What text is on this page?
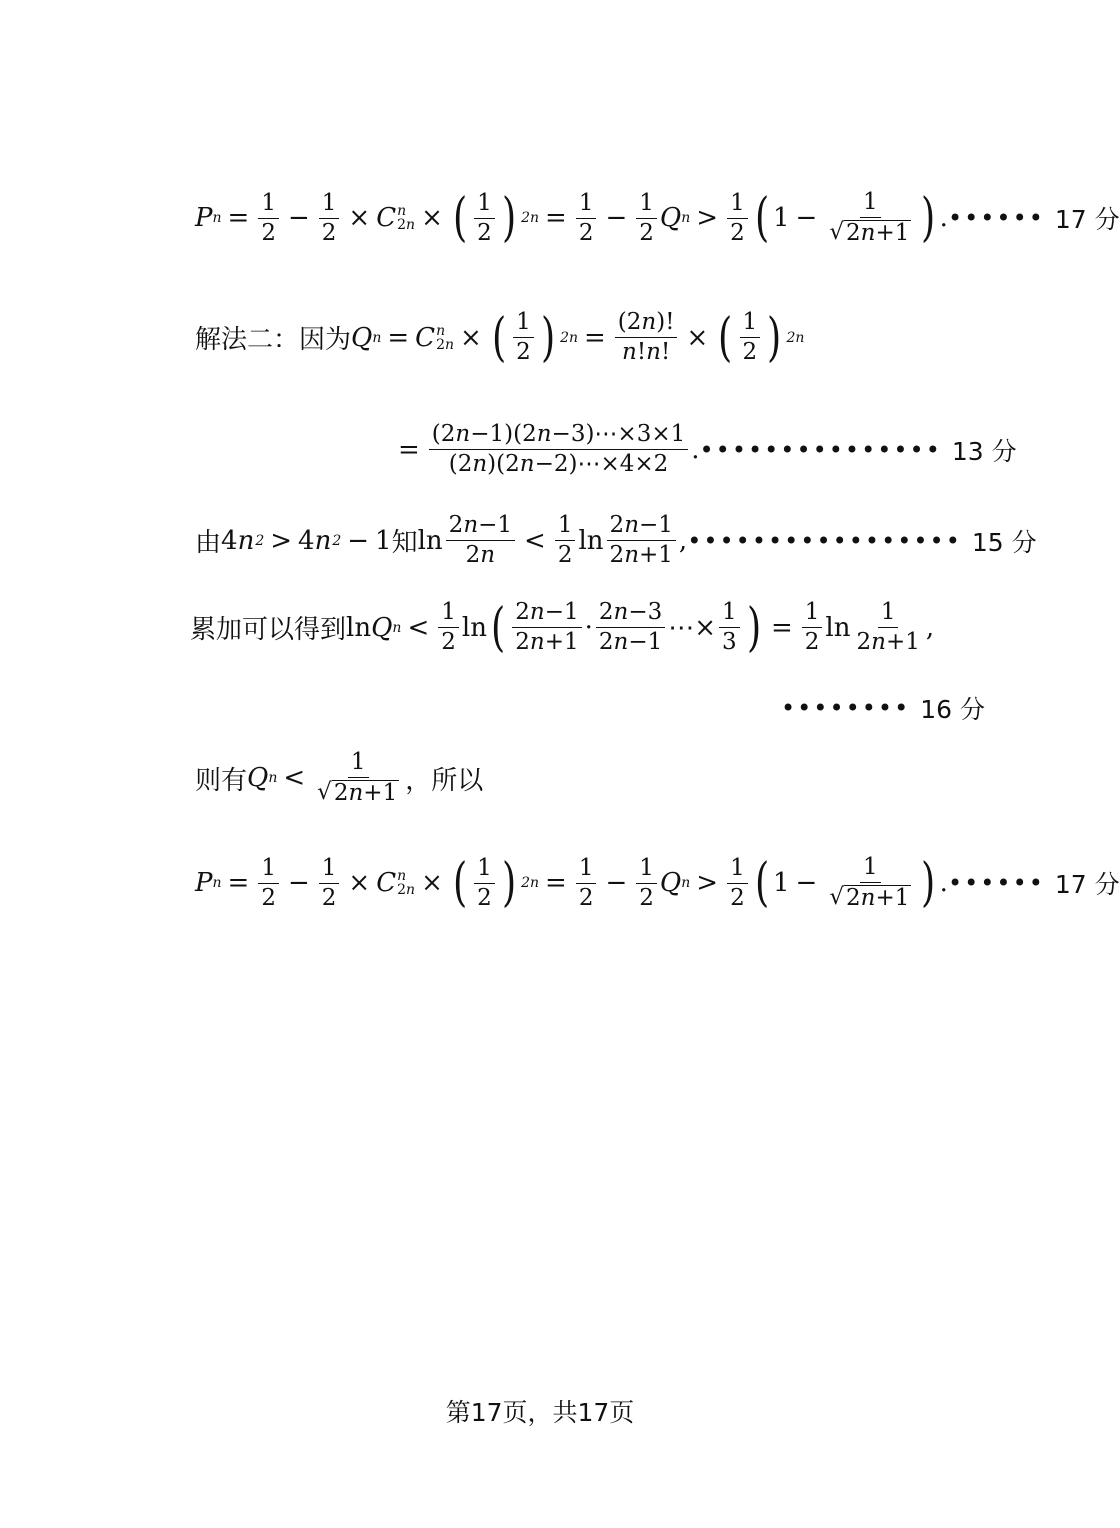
P $n = \frac{1}{2} - \frac{1}{2} \times C$ n
2n × ( $\frac{1}{2}$ ) $2n = \frac{1}{2} - \frac{1}{2}$ Q $n > \frac{1}{2}$ ( $1 - \frac{1}{√ 2n+1}$ ) . •••••• 17 分
解法二：因为 Q n = C n
2n × ( $\frac{1}{2}$ ) $2n = \frac{(2n)!}{n!n!}$ × ( $\frac{1}{2}$ ) 2n
= $\frac{(2n-1)(2n-3)\cdots\times 3\times 1}{(2n)(2n-2)\cdots\times 4\times 2}$ . ••••••••••••••• 13 分
由 4 n 2 > 4 n 2 − 1 知 $\ln \frac{2n-1}{2n} < \frac{1}{2}$ $\ln \frac{2n-1}{2n+1}$ , ••••••••••••••••• 15 分
累加可以得到 ln Q $n < \frac{1}{2}$ ln ( $\frac{2n-1}{2n+1} \cdot \frac{2n-3}{2n-1}$ ⋯× $\frac{1}{3}$ ) = $\frac{1}{2}$ $\ln \frac{1}{2n+1}$ ,
•••••••• 16 分
则有 Q $n < \frac{1}{√ 2n+1}$ ，所以
P $n = \frac{1}{2} - \frac{1}{2} \times C$ n
2n × ( $\frac{1}{2}$ ) $2n = \frac{1}{2} - \frac{1}{2}$ Q $n > \frac{1}{2}$ ( $1 - \frac{1}{√ 2n+1}$ ) . •••••• 17 分
第17页，共17页
